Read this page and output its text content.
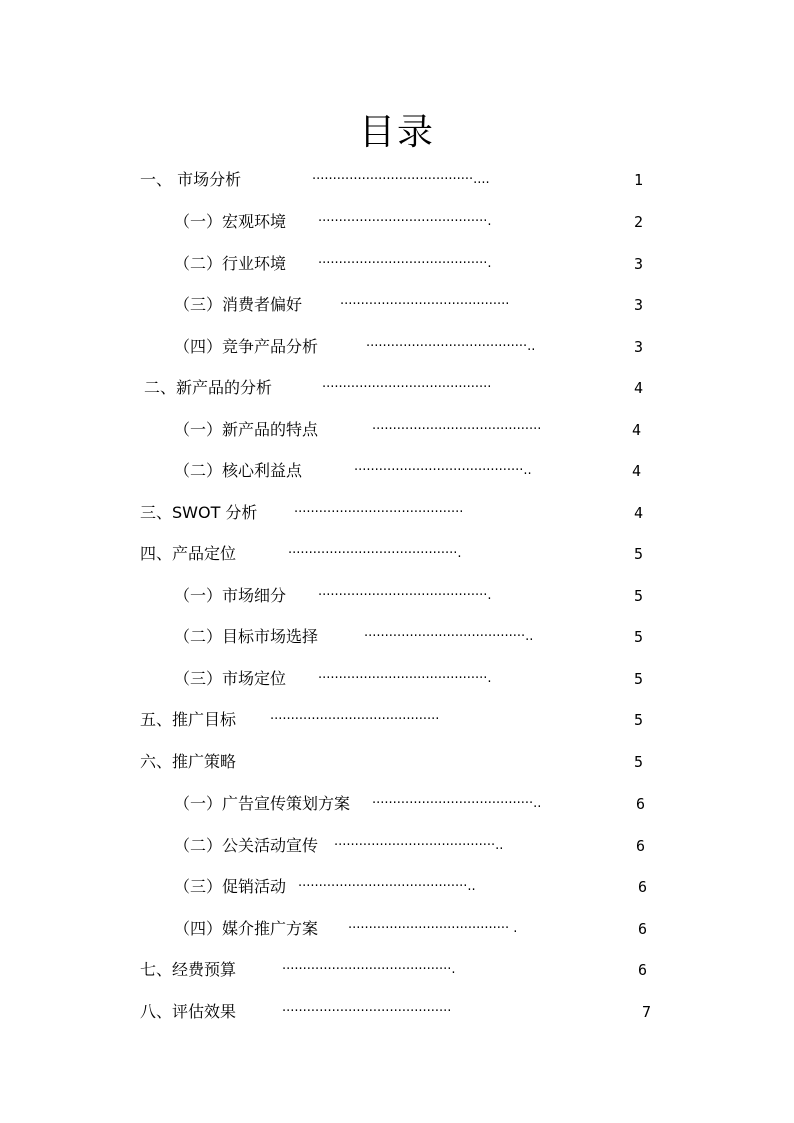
目录
一、 市场分析	·······································....	1
（一）宏观环境 ·········································.	2
（二）行业环境 ·········································.	3
（三）消费者偏好	·········································	3
（四）竞争产品分析	·······································..	3
二、新产品的分析	·········································	4
（一）新产品的特点	·········································	4
（二）核心利益点	·········································..	4
三、SWOT 分析	·········································	4
四、产品定位	·········································.	5
（一）市场细分 ·········································.	5
（二）目标市场选择	·······································..	5
（三）市场定位 ·········································.	5
五、推广目标	·········································	5
六、推广策略	5
（一）广告宣传策划方案 ·······································..	6
（二）公关活动宣传 ·······································..	6
（三）促销活动 ·········································..	6
（四）媒介推广方案 ······································· .	6
七、经费预算	·········································.	6
八、评估效果	·········································	7
